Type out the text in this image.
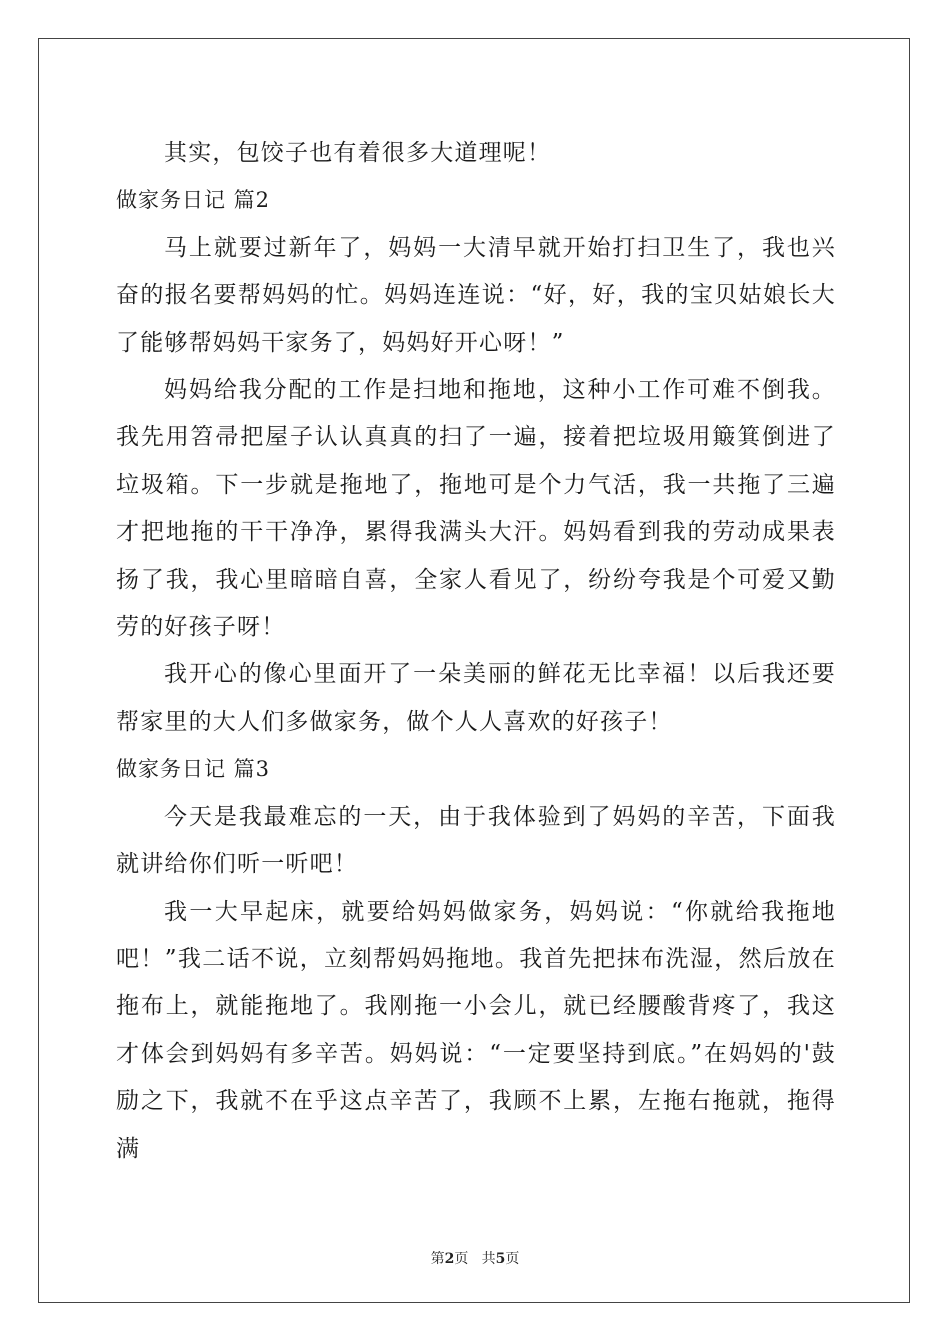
其实，包饺子也有着很多大道理呢！

做家务日记 篇2

马上就要过新年了，妈妈一大清早就开始打扫卫生了，我也兴奋的报名要帮妈妈的忙。妈妈连连说：“好，好，我的宝贝姑娘长大了能够帮妈妈干家务了，妈妈好开心呀！”

妈妈给我分配的工作是扫地和拖地，这种小工作可难不倒我。我先用笤帚把屋子认认真真的扫了一遍，接着把垃圾用簸箕倒进了垃圾箱。下一步就是拖地了，拖地可是个力气活，我一共拖了三遍才把地拖的干干净净，累得我满头大汗。妈妈看到我的劳动成果表扬了我，我心里暗暗自喜，全家人看见了，纷纷夸我是个可爱又勤劳的好孩子呀！

我开心的像心里面开了一朵美丽的鲜花无比幸福！以后我还要帮家里的大人们多做家务，做个人人喜欢的好孩子！

做家务日记 篇3

今天是我最难忘的一天，由于我体验到了妈妈的辛苦，下面我就讲给你们听一听吧！

我一大早起床，就要给妈妈做家务，妈妈说：“你就给我拖地吧！”我二话不说，立刻帮妈妈拖地。我首先把抹布洗湿，然后放在拖布上，就能拖地了。我刚拖一小会儿，就已经腰酸背疼了，我这才体会到妈妈有多辛苦。妈妈说：“一定要坚持到底。”在妈妈的'鼓励之下，我就不在乎这点辛苦了，我顾不上累，左拖右拖就，拖得满

第2页 共5页
